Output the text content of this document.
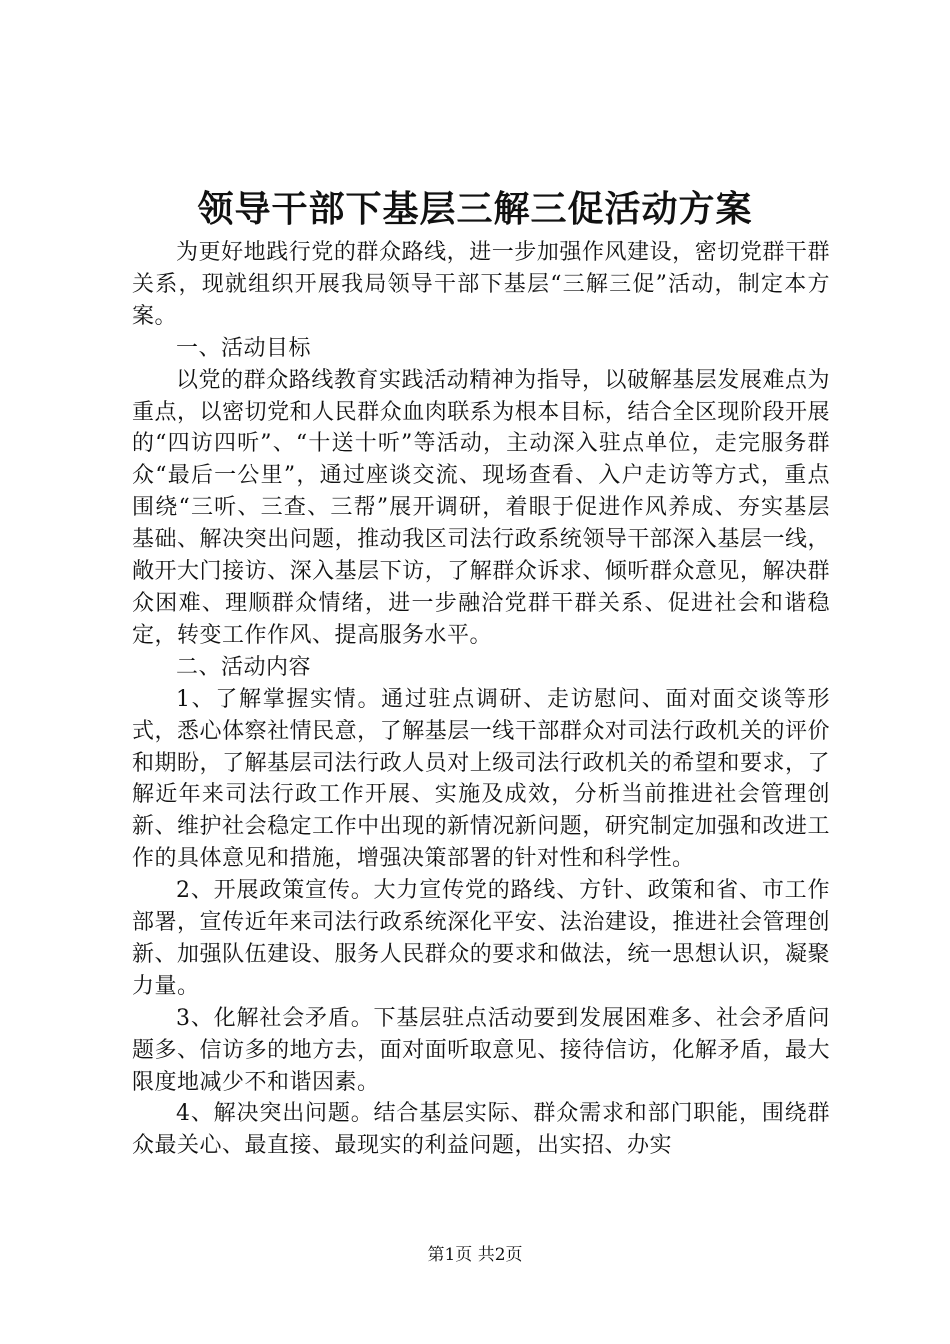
领导干部下基层三解三促活动方案

为更好地践行党的群众路线，进一步加强作风建设，密切党群干群关系，现就组织开展我局领导干部下基层“三解三促”活动，制定本方案。

一、活动目标

以党的群众路线教育实践活动精神为指导，以破解基层发展难点为重点，以密切党和人民群众血肉联系为根本目标，结合全区现阶段开展的“四访四听”、“十送十听”等活动，主动深入驻点单位，走完服务群众“最后一公里”，通过座谈交流、现场查看、入户走访等方式，重点围绕“三听、三查、三帮”展开调研，着眼于促进作风养成、夯实基层基础、解决突出问题，推动我区司法行政系统领导干部深入基层一线，敞开大门接访、深入基层下访，了解群众诉求、倾听群众意见，解决群众困难、理顺群众情绪，进一步融洽党群干群关系、促进社会和谐稳定，转变工作作风、提高服务水平。

二、活动内容

1、了解掌握实情。通过驻点调研、走访慰问、面对面交谈等形式，悉心体察社情民意，了解基层一线干部群众对司法行政机关的评价和期盼，了解基层司法行政人员对上级司法行政机关的希望和要求，了解近年来司法行政工作开展、实施及成效，分析当前推进社会管理创新、维护社会稳定工作中出现的新情况新问题，研究制定加强和改进工作的具体意见和措施，增强决策部署的针对性和科学性。

2、开展政策宣传。大力宣传党的路线、方针、政策和省、市工作部署，宣传近年来司法行政系统深化平安、法治建设，推进社会管理创新、加强队伍建设、服务人民群众的要求和做法，统一思想认识，凝聚力量。

3、化解社会矛盾。下基层驻点活动要到发展困难多、社会矛盾问题多、信访多的地方去，面对面听取意见、接待信访，化解矛盾，最大限度地减少不和谐因素。

4、解决突出问题。结合基层实际、群众需求和部门职能，围绕群众最关心、最直接、最现实的利益问题，出实招、办实

第1页 共2页
